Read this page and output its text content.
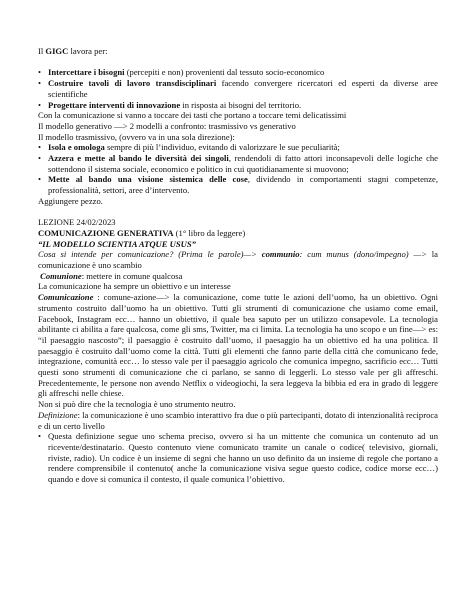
Il GIGC lavora per:

• Intercettare i bisogni (percepiti e non) provenienti dal tessuto socio-economico
• Costruire tavoli di lavoro transdisciplinari facendo convergere ricercatori ed esperti da diverse aree scientifiche
• Progettare interventi di innovazione in risposta ai bisogni del territorio.

Con la comunicazione si vanno a toccare dei tasti che portano a toccare temi delicatissimi

Il modello generativo —> 2 modelli a confronto: trasmissivo vs generativo

Il modello trasmissivo, (ovvero va in una sola direzione):

• Isola e omologa sempre di più l’individuo, evitando di valorizzare le sue peculiarità;
• Azzera e mette al bando le diversità dei singoli, rendendoli di fatto attori inconsapevoli delle logiche che sottendono il sistema sociale, economico e politico in cui quotidianamente si muovono;
• Mette al bando una visione sistemica delle cose, dividendo in comportamenti stagni competenze, professionalità, settori, aree d’intervento.

Aggiungere pezzo.

LEZIONE 24/02/2023

COMUNICAZIONE GENERATIVA (1° libro da leggere)

“IL MODELLO SCIENTIA ATQUE USUS”

Cosa si intende per comunicazione? (Prima le parole)—> communio: cum munus (dono/impegno) —> la comunicazione è uno scambio

Comunione: mettere in comune qualcosa

La comunicazione ha sempre un obiettivo e un interesse

Comunicazione : comune-azione—> la comunicazione, come tutte le azioni dell’uomo, ha un obiettivo. Ogni strumento costruito dall’uomo ha un obiettivo. Tutti gli strumenti di comunicazione che usiamo come email, Facebook, Instagram ecc… hanno un obiettivo, il quale bea saputo per un utilizzo consapevole. La tecnologia abilitante ci abilita a fare qualcosa, come gli sms, Twitter, ma ci limita. La tecnologia ha uno scopo e un fine—> es: “il paesaggio nascosto”; il paesaggio è costruito dall’uomo, il paesaggio ha un obiettivo ed ha una politica. Il paesaggio è costruito dall’uomo come la città. Tutti gli elementi che fanno parte della città che comunicano fede, integrazione, comunità ecc… lo stesso vale per il paesaggio agricolo che comunica impegno, sacrificio ecc… Tutti questi sono strumenti di comunicazione che ci parlano, se sanno di leggerli. Lo stesso vale per gli affreschi. Precedentemente, le persone non avendo Netflix o videogiochi, la sera leggeva la bibbia ed era in grado di leggere gli affreschi nelle chiese.

Non si può dire che la tecnologia è uno strumento neutro.

Definizione: la comunicazione è uno scambio interattivo fra due o più partecipanti, dotato di intenzionalità reciproca e di un certo livello

• Questa definizione segue uno schema preciso, ovvero si ha un mittente che comunica un contenuto ad un ricevente/destinatario. Questo contenuto viene comunicato tramite un canale o codice( televisivo, giornali, riviste, radio). Un codice è un insieme di segni che hanno un uso definito da un insieme di regole che portano a rendere comprensibile il contenuto( anche la comunicazione visiva segue questo codice, codice morse ecc…) quando e dove si comunica il contesto, il quale comunica l’obiettivo.
